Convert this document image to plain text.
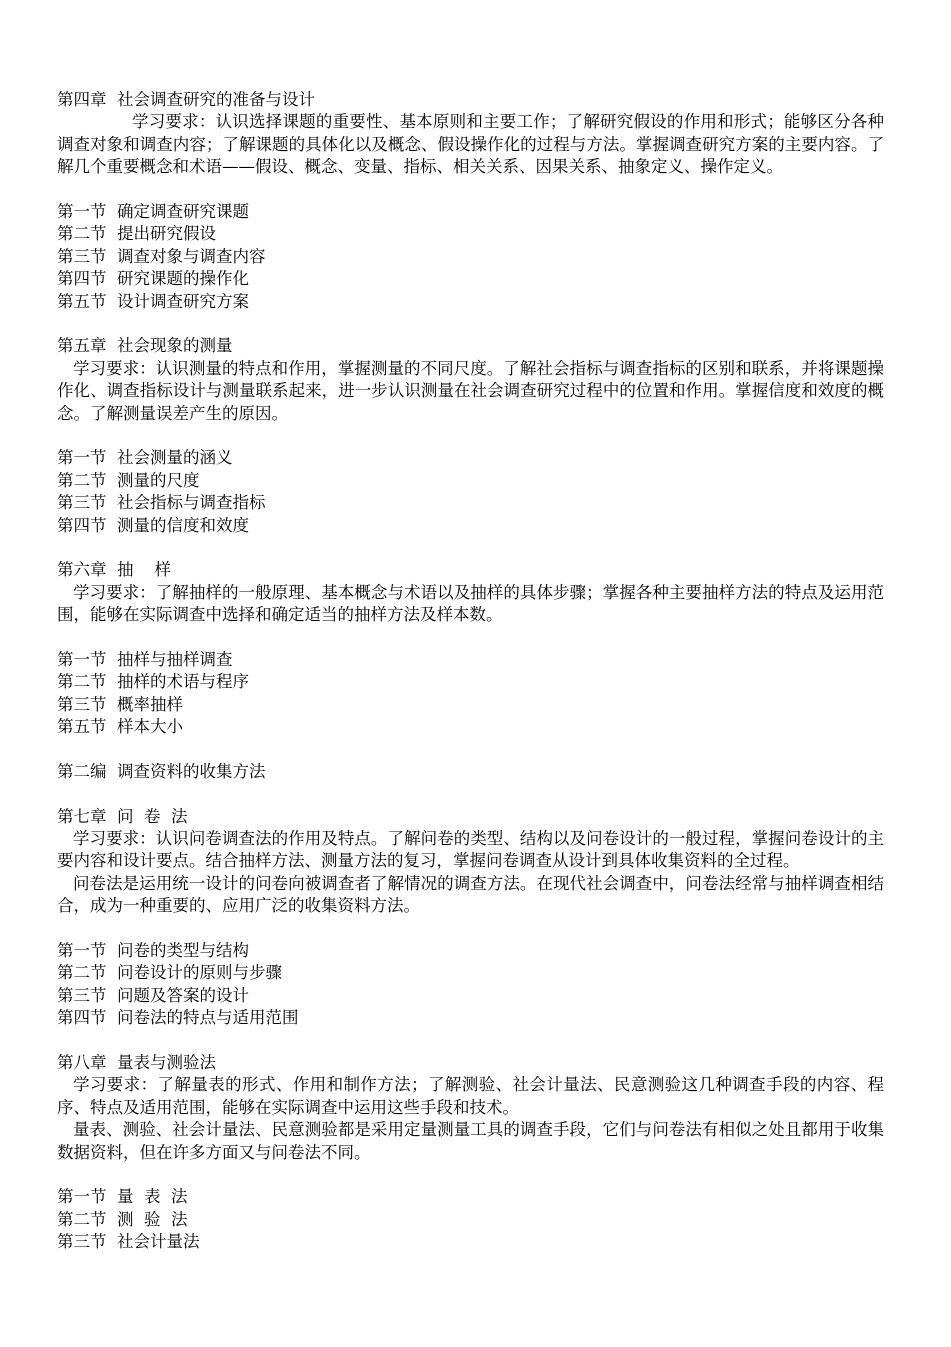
第四章  社会调查研究的准备与设计
学习要求：认识选择课题的重要性、基本原则和主要工作；了解研究假设的作用和形式；能够区分各种调查对象和调查内容；了解课题的具体化以及概念、假设操作化的过程与方法。掌握调查研究方案的主要内容。了解几个重要概念和术语——假设、概念、变量、指标、相关关系、因果关系、抽象定义、操作定义。
第一节  确定调查研究课题
第二节  提出研究假设
第三节  调查对象与调查内容
第四节  研究课题的操作化
第五节  设计调查研究方案
第五章  社会现象的测量
学习要求：认识测量的特点和作用，掌握测量的不同尺度。了解社会指标与调查指标的区别和联系，并将课题操作化、调查指标设计与测量联系起来，进一步认识测量在社会调查研究过程中的位置和作用。掌握信度和效度的概念。了解测量误差产生的原因。
第一节  社会测量的涵义
第二节  测量的尺度
第三节  社会指标与调查指标
第四节  测量的信度和效度
第六章  抽    样
学习要求：了解抽样的一般原理、基本概念与术语以及抽样的具体步骤；掌握各种主要抽样方法的特点及运用范围，能够在实际调查中选择和确定适当的抽样方法及样本数。
第一节  抽样与抽样调查
第二节  抽样的术语与程序
第三节  概率抽样
第五节  样本大小
第二编  调查资料的收集方法
第七章  问  卷  法
学习要求：认识问卷调查法的作用及特点。了解问卷的类型、结构以及问卷设计的一般过程，掌握问卷设计的主要内容和设计要点。结合抽样方法、测量方法的复习，掌握问卷调查从设计到具体收集资料的全过程。
问卷法是运用统一设计的问卷向被调查者了解情况的调查方法。在现代社会调查中，问卷法经常与抽样调查相结合，成为一种重要的、应用广泛的收集资料方法。
第一节  问卷的类型与结构
第二节  问卷设计的原则与步骤
第三节  问题及答案的设计
第四节  问卷法的特点与适用范围
第八章  量表与测验法
学习要求：了解量表的形式、作用和制作方法；了解测验、社会计量法、民意测验这几种调查手段的内容、程序、特点及适用范围，能够在实际调查中运用这些手段和技术。
量表、测验、社会计量法、民意测验都是采用定量测量工具的调查手段，它们与问卷法有相似之处且都用于收集数据资料，但在许多方面又与问卷法不同。
第一节  量  表  法
第二节  测  验  法
第三节  社会计量法
